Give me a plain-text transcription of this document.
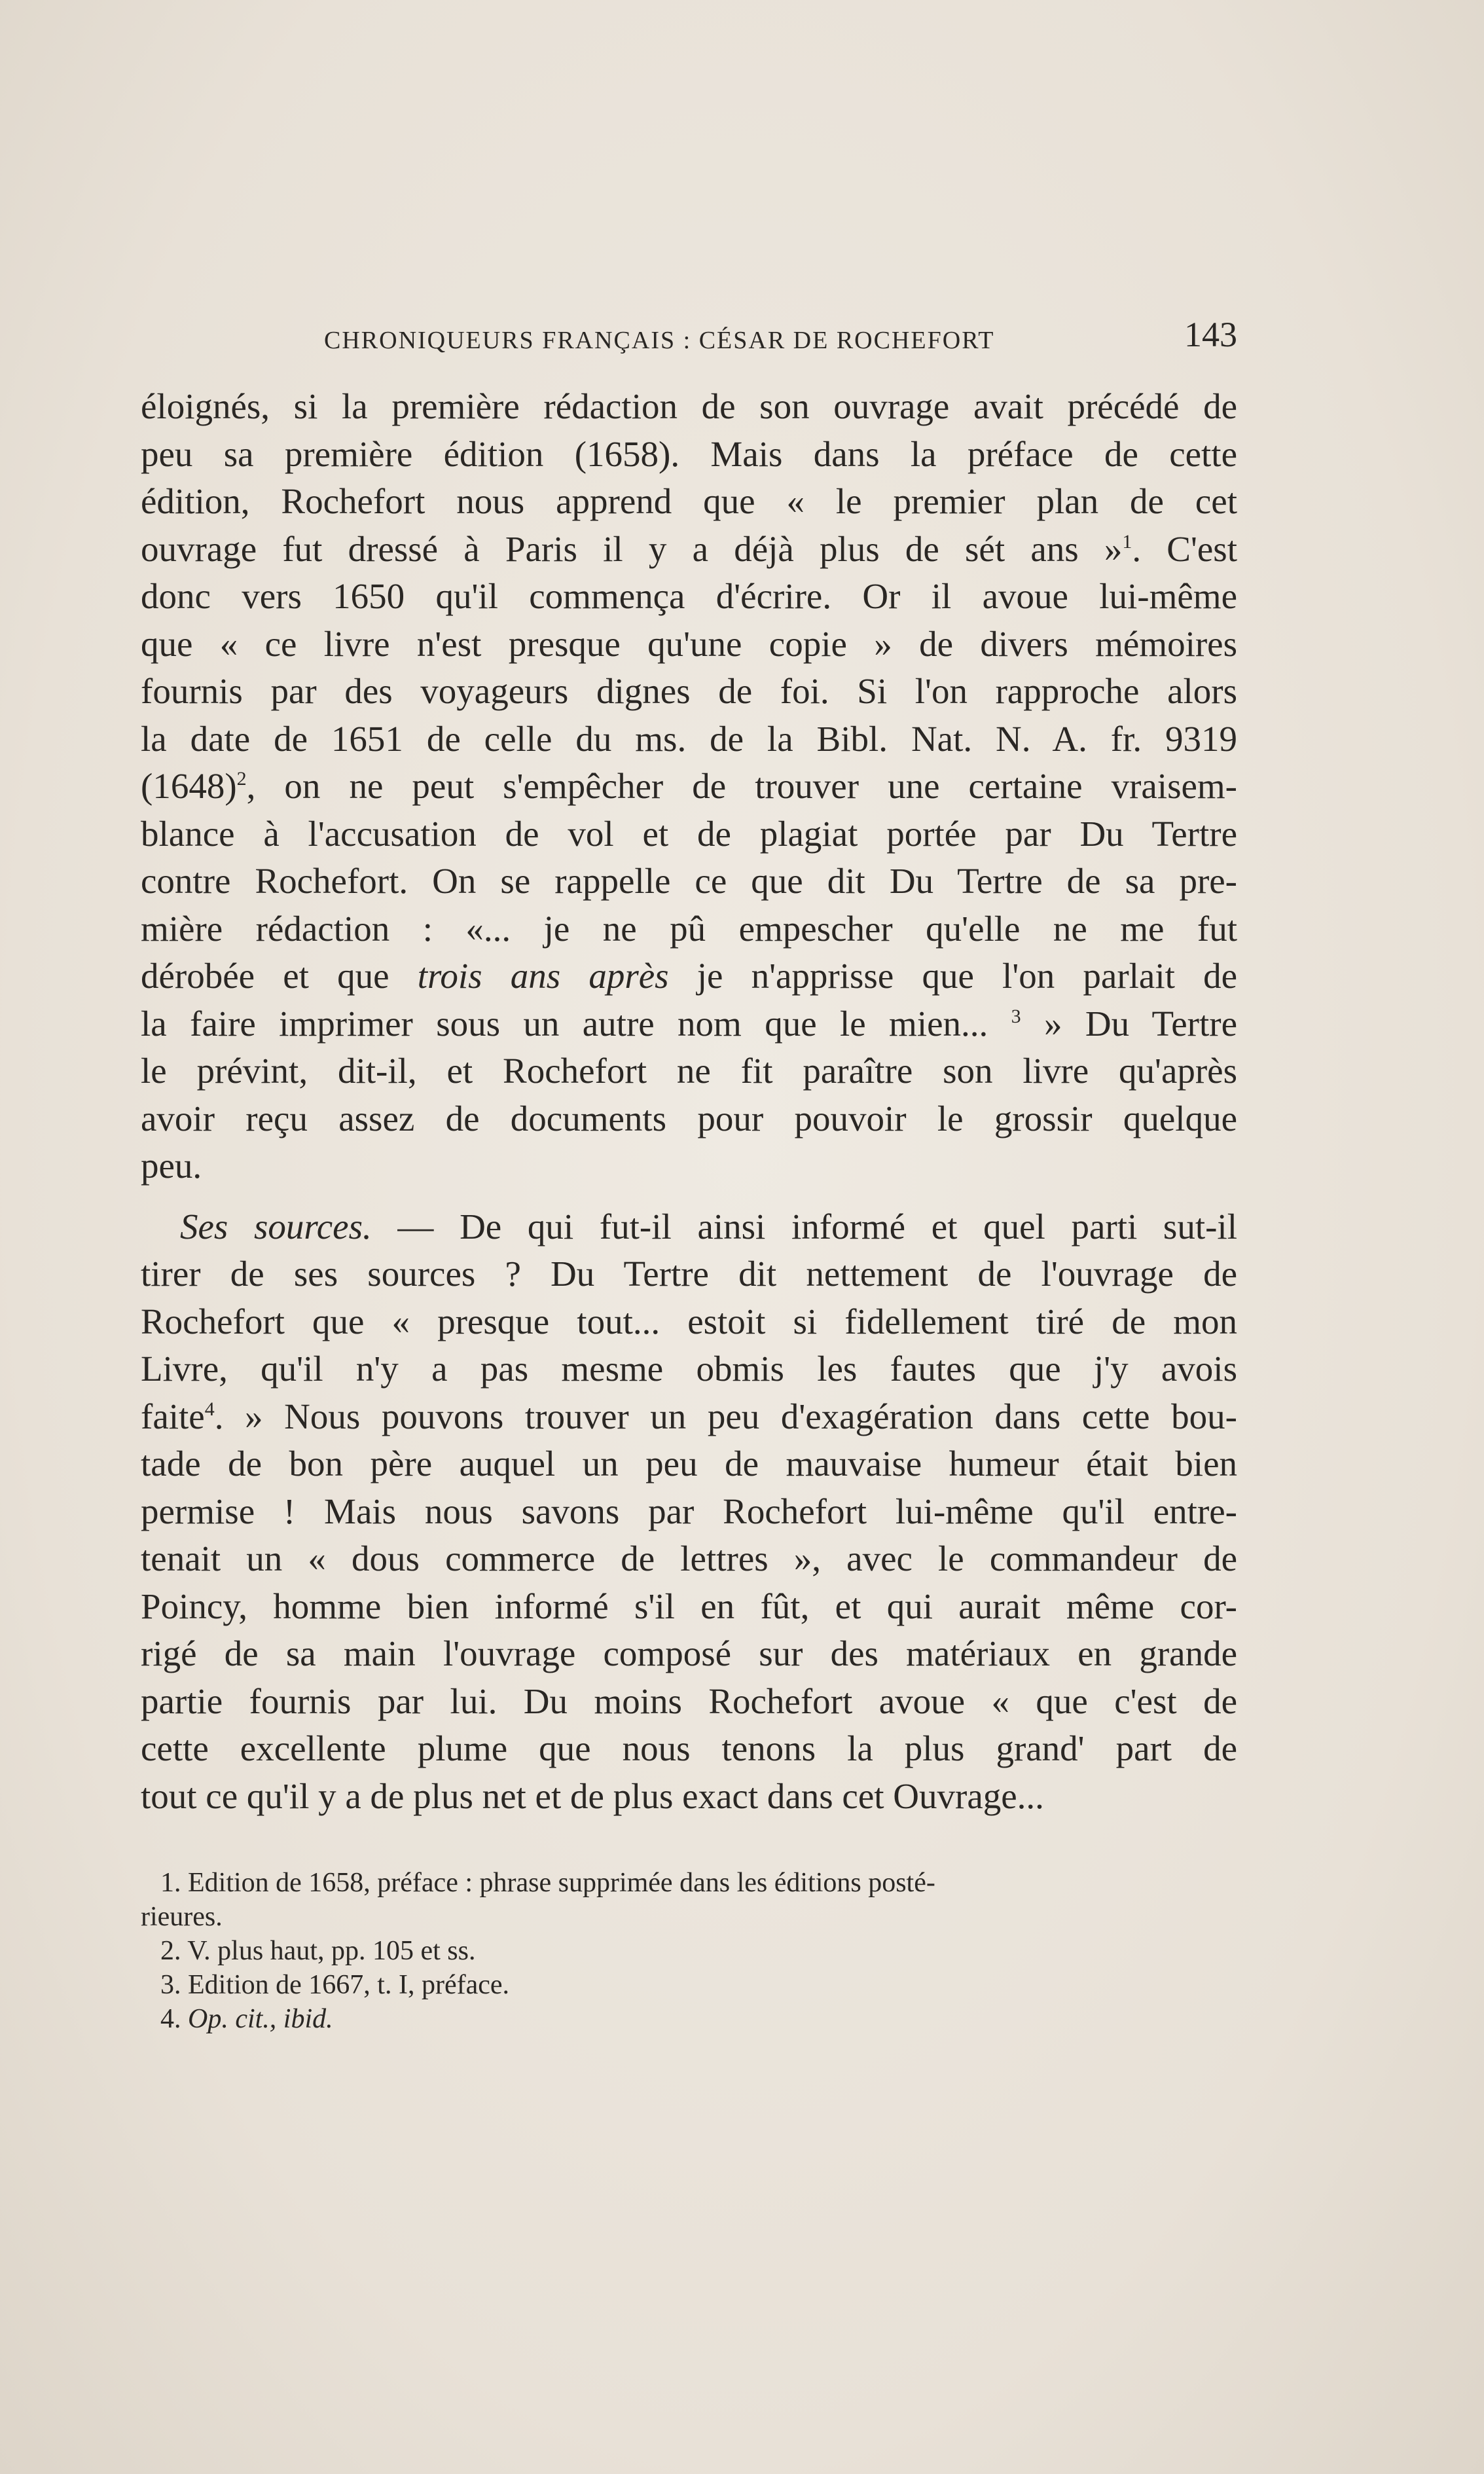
CHRONIQUEURS FRANÇAIS : CÉSAR DE ROCHEFORT	143

éloignés, si la première rédaction de son ouvrage avait précédé de
peu sa première édition (1658). Mais dans la préface de cette
édition, Rochefort nous apprend que « le premier plan de cet
ouvrage fut dressé à Paris il y a déjà plus de sét ans »$^1$. C'est
donc vers 1650 qu'il commença d'écrire. Or il avoue lui-même
que « ce livre n'est presque qu'une copie » de divers mémoires
fournis par des voyageurs dignes de foi. Si l'on rapproche alors
la date de 1651 de celle du ms. de la Bibl. Nat. N. A. fr. 9319
$(1648)^2$, on ne peut s'empêcher de trouver une certaine vraisem-
blance à l'accusation de vol et de plagiat portée par Du Tertre
contre Rochefort. On se rappelle ce que dit Du Tertre de sa pre-
mière rédaction : «... je ne pû empescher qu'elle ne me fut
dérobée et que trois ans après je n'apprisse que l'on parlait de
la faire imprimer sous un autre nom que le mien... $^3$ » Du Tertre
le prévint, dit-il, et Rochefort ne fit paraître son livre qu'après
avoir reçu assez de documents pour pouvoir le grossir quelque
peu.

Ses sources. — De qui fut-il ainsi informé et quel parti sut-il
tirer de ses sources ? Du Tertre dit nettement de l'ouvrage de
Rochefort que « presque tout... estoit si fidellement tiré de mon
Livre, qu'il n'y a pas mesme obmis les fautes que j'y avois
faite$^4$. » Nous pouvons trouver un peu d'exagération dans cette bou-
tade de bon père auquel un peu de mauvaise humeur était bien
permise ! Mais nous savons par Rochefort lui-même qu'il entre-
tenait un « dous commerce de lettres », avec le commandeur de
Poincy, homme bien informé s'il en fût, et qui aurait même cor-
rigé de sa main l'ouvrage composé sur des matériaux en grande
partie fournis par lui. Du moins Rochefort avoue « que c'est de
cette excellente plume que nous tenons la plus grand' part de
tout ce qu'il y a de plus net et de plus exact dans cet Ouvrage...

1. Edition de 1658, préface : phrase supprimée dans les éditions posté-
rieures.
2. V. plus haut, pp. 105 et ss.
3. Edition de 1667, t. I, préface.
4. Op. cit., ibid.
